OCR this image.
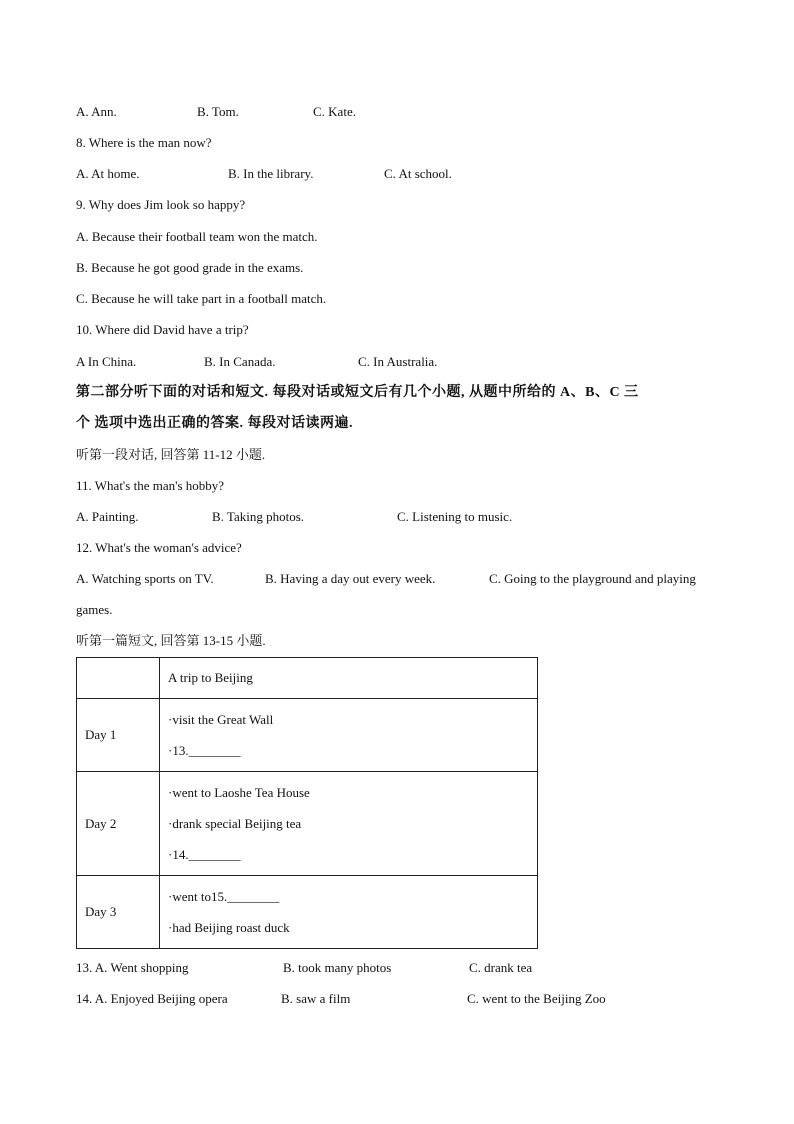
A. Ann.	B. Tom.	C. Kate.
8. Where is the man now?
A. At home.	B. In the library.	C. At school.
9. Why does Jim look so happy?
A. Because their football team won the match.
B. Because he got good grade in the exams.
C. Because he will take part in a football match.
10. Where did David have a trip?
A In China.	B. In Canada.	C. In Australia.
第二部分听下面的对话和短文. 每段对话或短文后有几个小题, 从题中所给的 A、B、C 三
个 选项中选出正确的答案. 每段对话读两遍.
听第一段对话, 回答第 11-12 小题.
11. What's the man's hobby?
A. Painting.	B. Taking photos.	C. Listening to music.
12. What's the woman's advice?
A. Watching sports on TV.	B. Having a day out every week.	C. Going to the playground and playing
games.
听第一篇短文, 回答第 13-15 小题.

	A trip to Beijing

Day 1	·visit the Great Wall
·13.________

Day 2	·went to Laoshe Tea House
·drank special Beijing tea
·14.________

Day 3	·went to15.________
·had Beijing roast duck
13. A. Went shopping	B. took many photos	C. drank tea
14. A. Enjoyed Beijing opera	B. saw a film	C. went to the Beijing Zoo
